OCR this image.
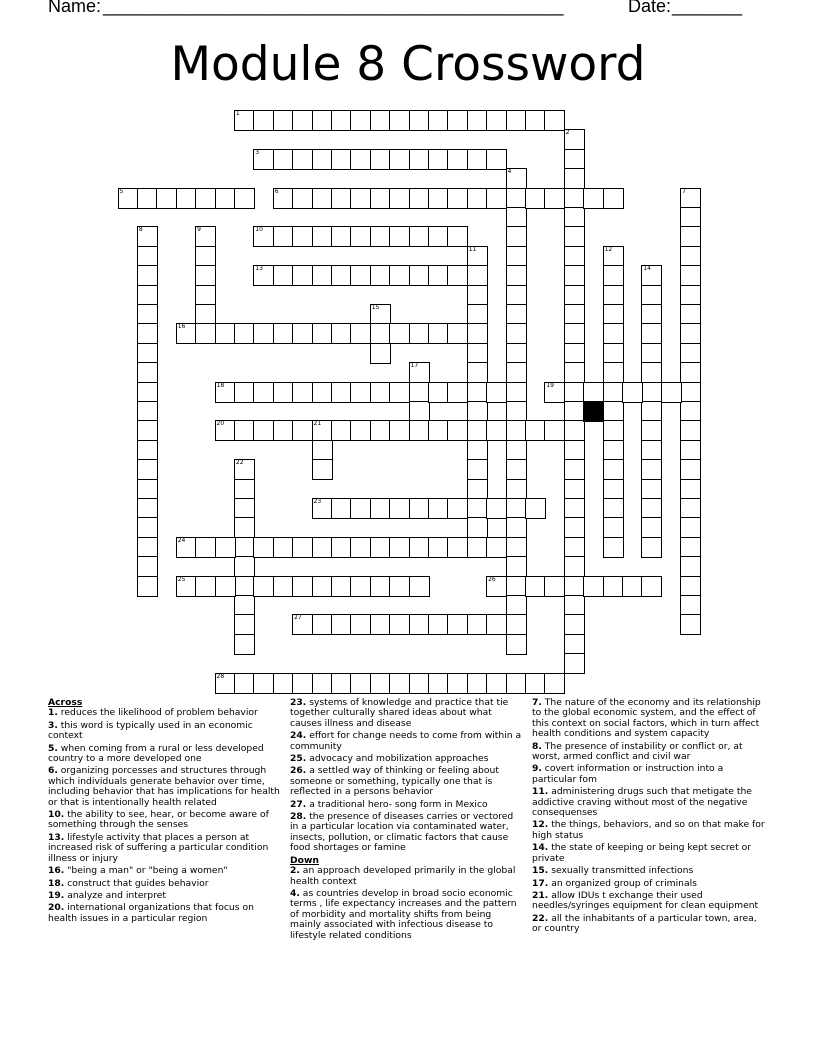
Name: ______________________________________________	Date: _______
Module 8 Crossword
1
2
3
4
5	6	7
8	9	10
11	12
13	14
15
16
17
18	19
20	21
22
23
24
25	26
27
28
Across
1. reduces the likelihood of problem behavior
3. this word is typically used in an economic context
5. when coming from a rural or less developed country to a more developed one
6. organizing porcesses and structures through which individuals generate behavior over time, including behavior that has implications for health or that is intentionally health related
10. the ability to see, hear, or become aware of something through the senses
13. lifestyle activity that places a person at increased risk of suffering a particular condition illness or injury
16. "being a man" or "being a women"
18. construct that guides behavior
19. analyze and interpret
20. international organizations that focus on health issues in a particular region
23. systems of knowledge and practice that tie together culturally shared ideas about what causes illness and disease
24. effort for change needs to come from within a community
25. advocacy and mobilization approaches
26. a settled way of thinking or feeling about someone or something, typically one that is reflected in a persons behavior
27. a traditional hero- song form in Mexico
28. the presence of diseases carries or vectored in a particular location via contaminated water, insects, pollution, or climatic factors that cause food shortages or famine
Down
2. an approach developed primarily in the global health context
4. as countries develop in broad socio economic terms , life expectancy increases and the pattern of morbidity and mortality shifts from being mainly associated with infectious disease to lifestyle related conditions
7. The nature of the economy and its relationship to the global economic system, and the effect of this context on social factors, which in turn affect health conditions and system capacity
8. The presence of instability or conflict or, at worst, armed conflict and civil war
9. covert information or instruction into a particular fom
11. administering drugs such that metigate the addictive craving without most of the negative consequenses
12. the things, behaviors, and so on that make for high status
14. the state of keeping or being kept secret or private
15. sexually transmitted infections
17. an organized group of criminals
21. allow IDUs t exchange their used needles/syringes equipment for clean equipment
22. all the inhabitants of a particular town, area, or country
